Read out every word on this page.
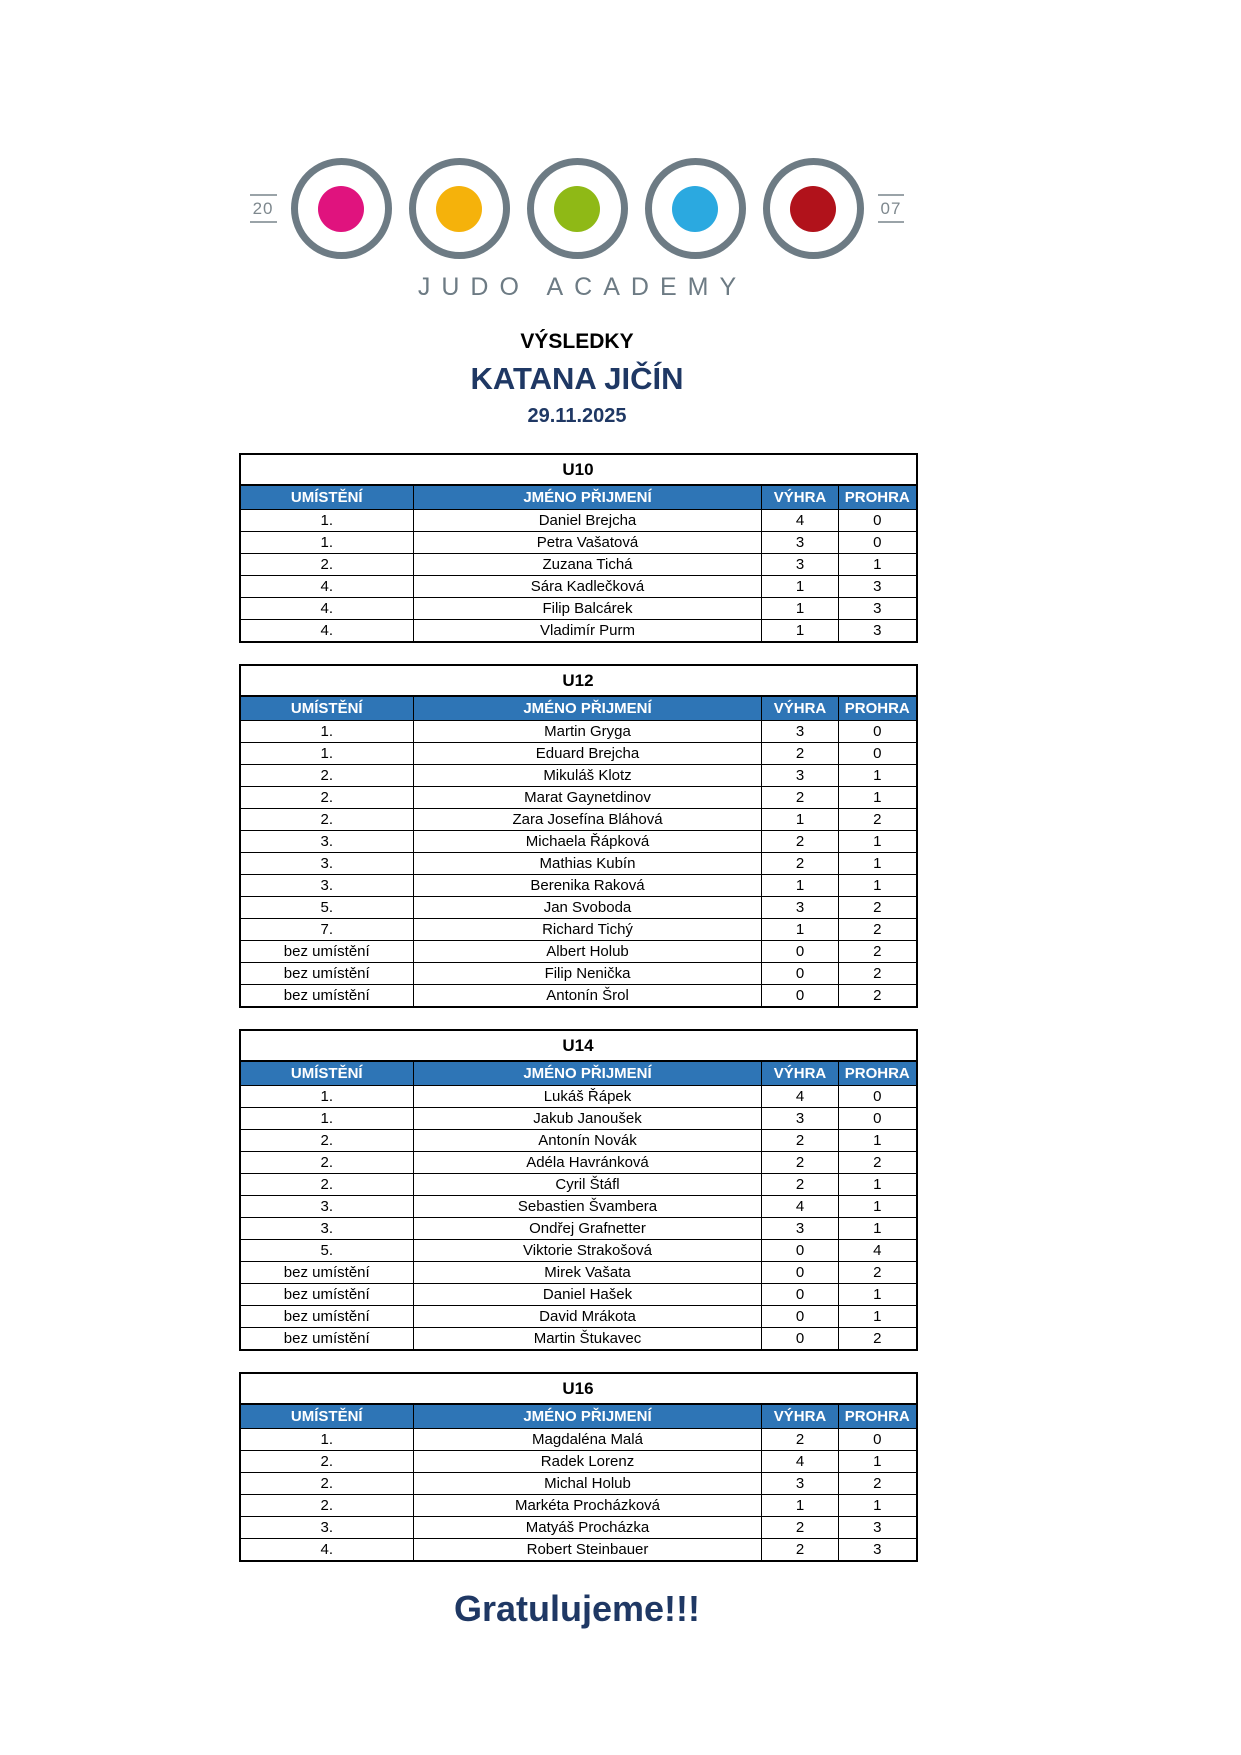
20	07
JUDO ACADEMY
VÝSLEDKY
KATANA JIČÍN
29.11.2025
U10			
UMÍSTĚNÍ	JMÉNO PŘIJMENÍ	VÝHRA	PROHRA
1.	Daniel Brejcha	4	0
1.	Petra Vašatová	3	0
2.	Zuzana Tichá	3	1
4.	Sára Kadlečková	1	3
4.	Filip Balcárek	1	3
4.	Vladimír Purm	1	3
U12			
UMÍSTĚNÍ	JMÉNO PŘIJMENÍ	VÝHRA	PROHRA
1.	Martin Gryga	3	0
1.	Eduard Brejcha	2	0
2.	Mikuláš Klotz	3	1
2.	Marat Gaynetdinov	2	1
2.	Zara Josefína Bláhová	1	2
3.	Michaela Řápková	2	1
3.	Mathias Kubín	2	1
3.	Berenika Raková	1	1
5.	Jan Svoboda	3	2
7.	Richard Tichý	1	2
bez umístění	Albert Holub	0	2
bez umístění	Filip Nenička	0	2
bez umístění	Antonín Šrol	0	2
U14			
UMÍSTĚNÍ	JMÉNO PŘIJMENÍ	VÝHRA	PROHRA
1.	Lukáš Řápek	4	0
1.	Jakub Janoušek	3	0
2.	Antonín Novák	2	1
2.	Adéla Havránková	2	2
2.	Cyril Štáfl	2	1
3.	Sebastien Švambera	4	1
3.	Ondřej Grafnetter	3	1
5.	Viktorie Strakošová	0	4
bez umístění	Mirek Vašata	0	2
bez umístění	Daniel Hašek	0	1
bez umístění	David Mrákota	0	1
bez umístění	Martin Štukavec	0	2
U16			
UMÍSTĚNÍ	JMÉNO PŘIJMENÍ	VÝHRA	PROHRA
1.	Magdaléna Malá	2	0
2.	Radek Lorenz	4	1
2.	Michal Holub	3	2
2.	Markéta Procházková	1	1
3.	Matyáš Procházka	2	3
4.	Robert Steinbauer	2	3
Gratulujeme!!!
